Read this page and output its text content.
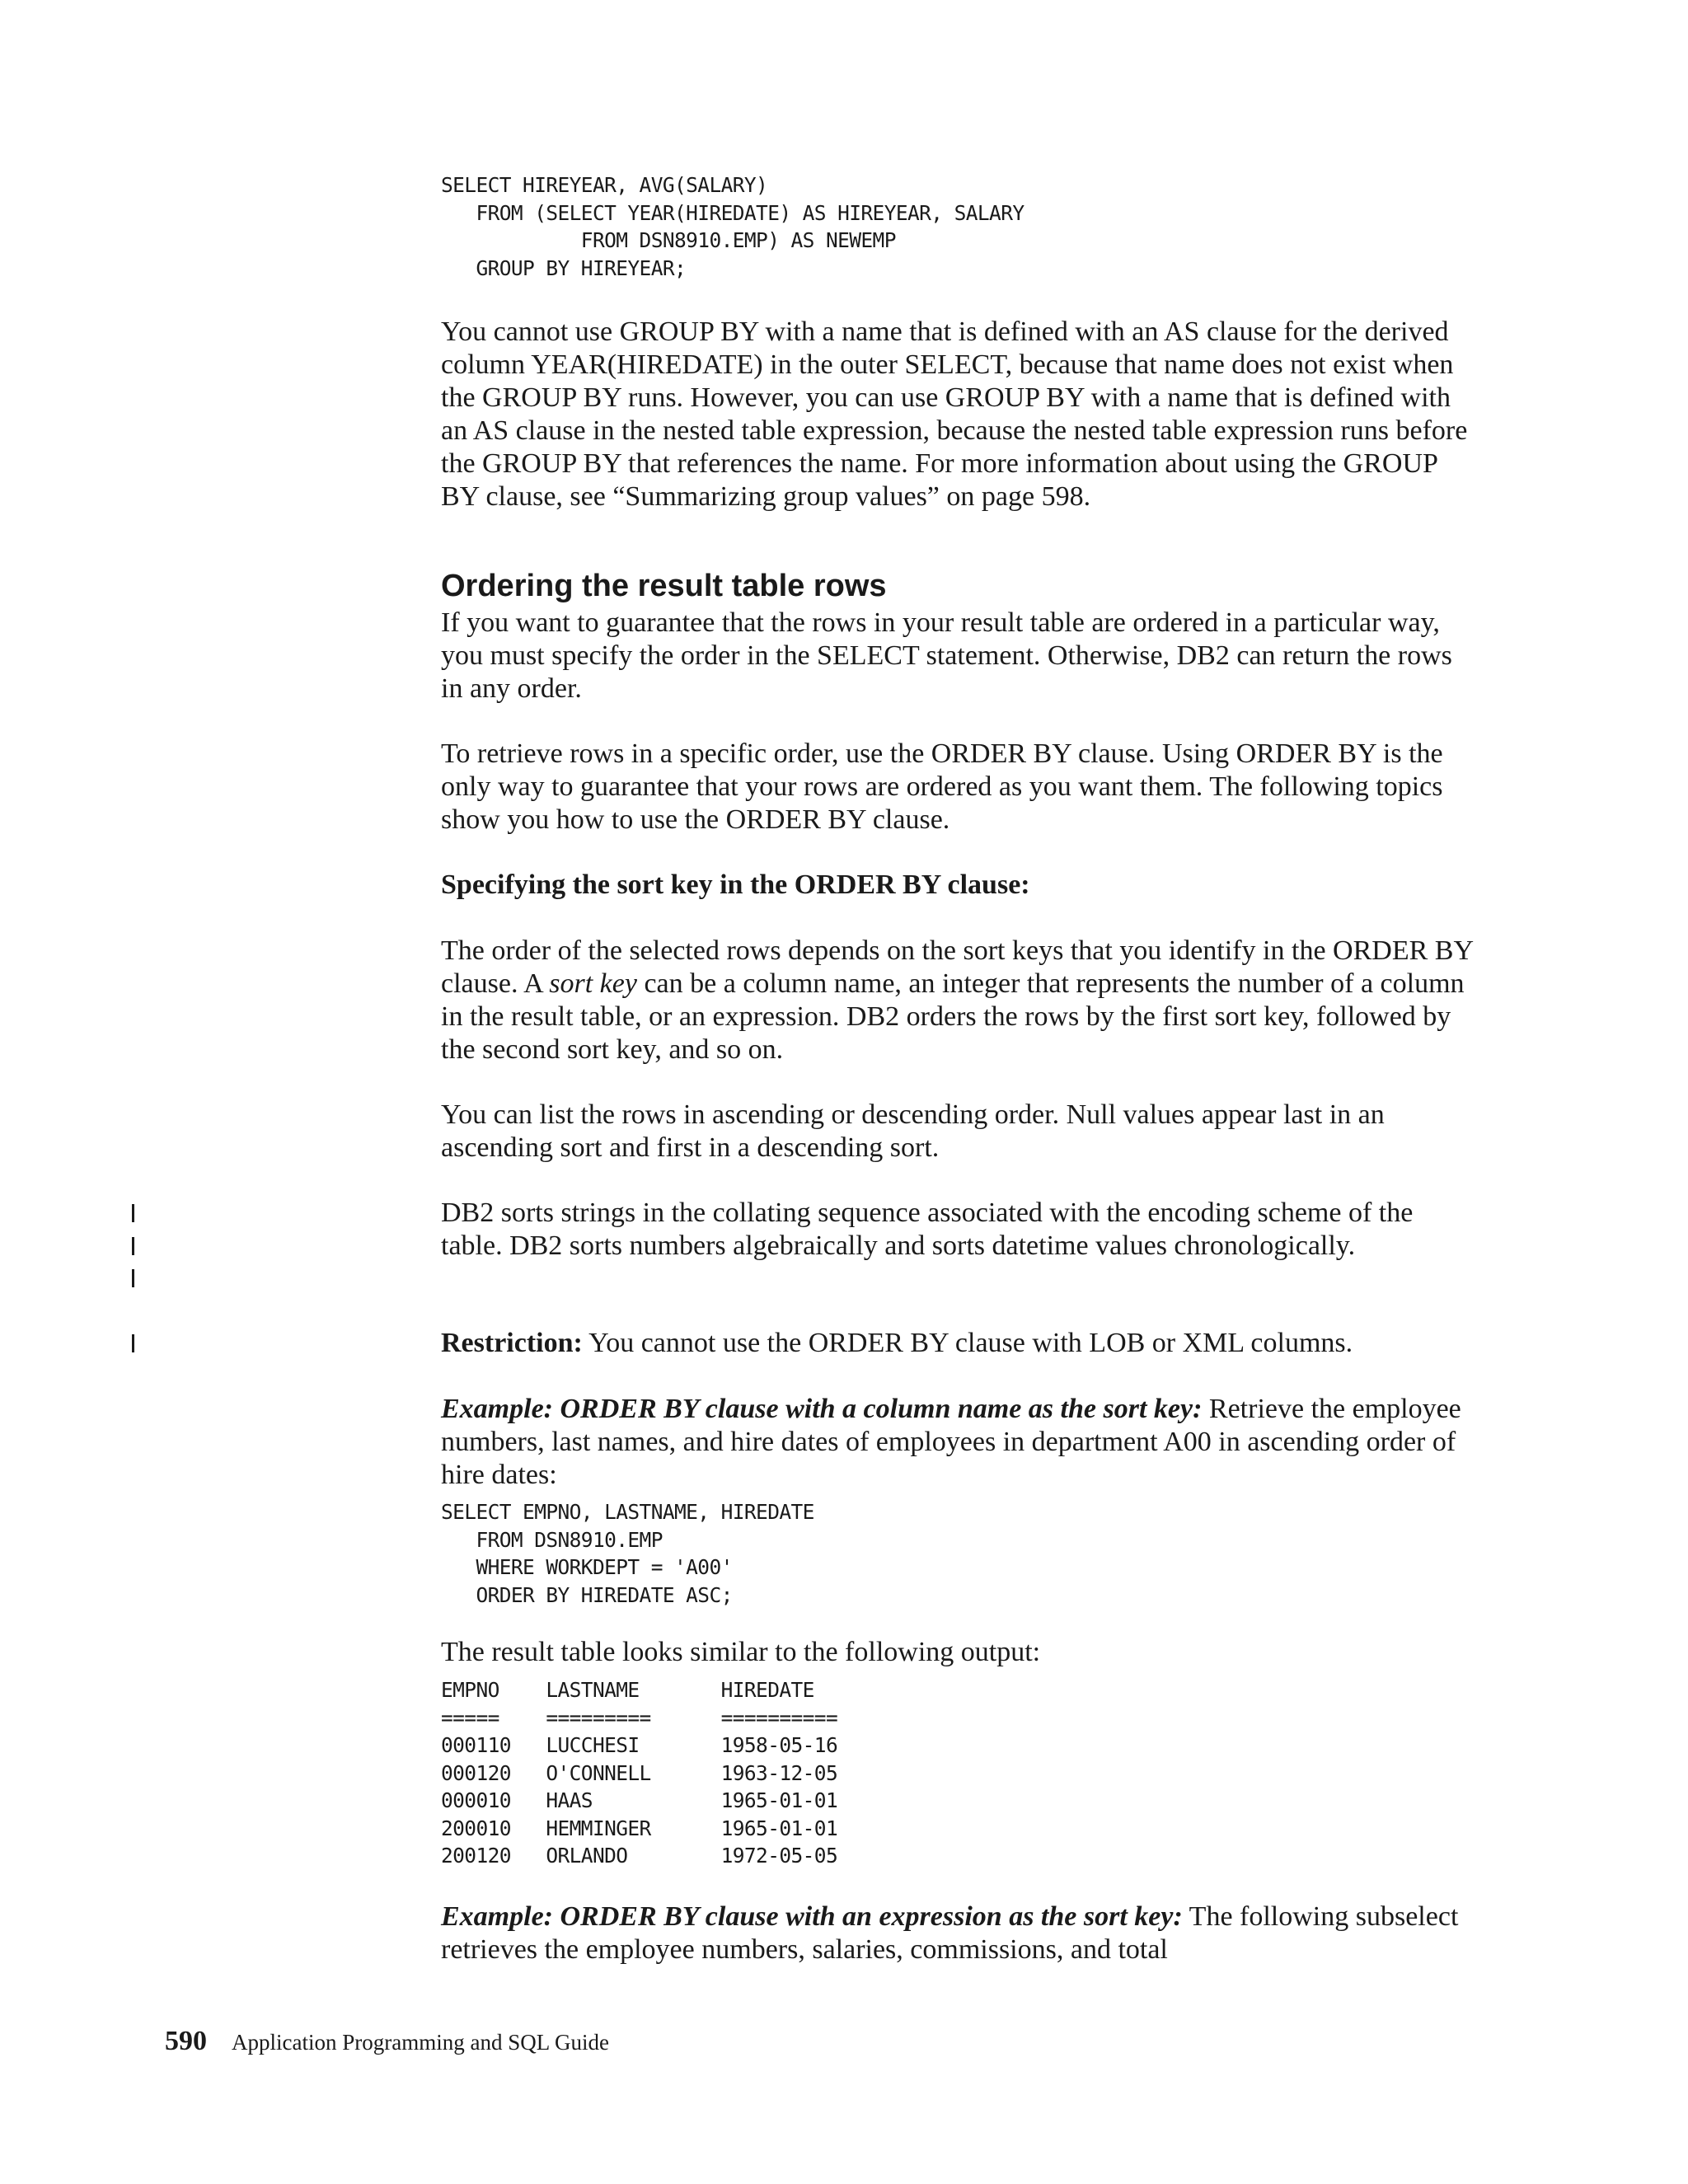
SELECT HIREYEAR, AVG(SALARY)
FROM (SELECT YEAR(HIREDATE) AS HIREYEAR, SALARY
FROM DSN8910.EMP) AS NEWEMP
GROUP BY HIREYEAR;

You cannot use GROUP BY with a name that is defined with an AS clause for the derived column YEAR(HIREDATE) in the outer SELECT, because that name does not exist when the GROUP BY runs. However, you can use GROUP BY with a name that is defined with an AS clause in the nested table expression, because the nested table expression runs before the GROUP BY that references the name. For more information about using the GROUP BY clause, see “Summarizing group values” on page 598.

Ordering the result table rows

If you want to guarantee that the rows in your result table are ordered in a particular way, you must specify the order in the SELECT statement. Otherwise, DB2 can return the rows in any order.

To retrieve rows in a specific order, use the ORDER BY clause. Using ORDER BY is the only way to guarantee that your rows are ordered as you want them. The following topics show you how to use the ORDER BY clause.

Specifying the sort key in the ORDER BY clause:

The order of the selected rows depends on the sort keys that you identify in the ORDER BY clause. A sort key can be a column name, an integer that represents the number of a column in the result table, or an expression. DB2 orders the rows by the first sort key, followed by the second sort key, and so on.

You can list the rows in ascending or descending order. Null values appear last in an ascending sort and first in a descending sort.

DB2 sorts strings in the collating sequence associated with the encoding scheme of the table. DB2 sorts numbers algebraically and sorts datetime values chronologically.

Restriction: You cannot use the ORDER BY clause with LOB or XML columns.

Example: ORDER BY clause with a column name as the sort key: Retrieve the employee numbers, last names, and hire dates of employees in department A00 in ascending order of hire dates:

SELECT EMPNO, LASTNAME, HIREDATE
FROM DSN8910.EMP
WHERE WORKDEPT = 'A00'
ORDER BY HIREDATE ASC;

The result table looks similar to the following output:

EMPNO    LASTNAME       HIREDATE
=====    =========      ==========
000110   LUCCHESI       1958-05-16
000120   O'CONNELL      1963-12-05
000010   HAAS           1965-01-01
200010   HEMMINGER      1965-01-01
200120   ORLANDO        1972-05-05

Example: ORDER BY clause with an expression as the sort key: The following subselect retrieves the employee numbers, salaries, commissions, and total

590 Application Programming and SQL Guide
